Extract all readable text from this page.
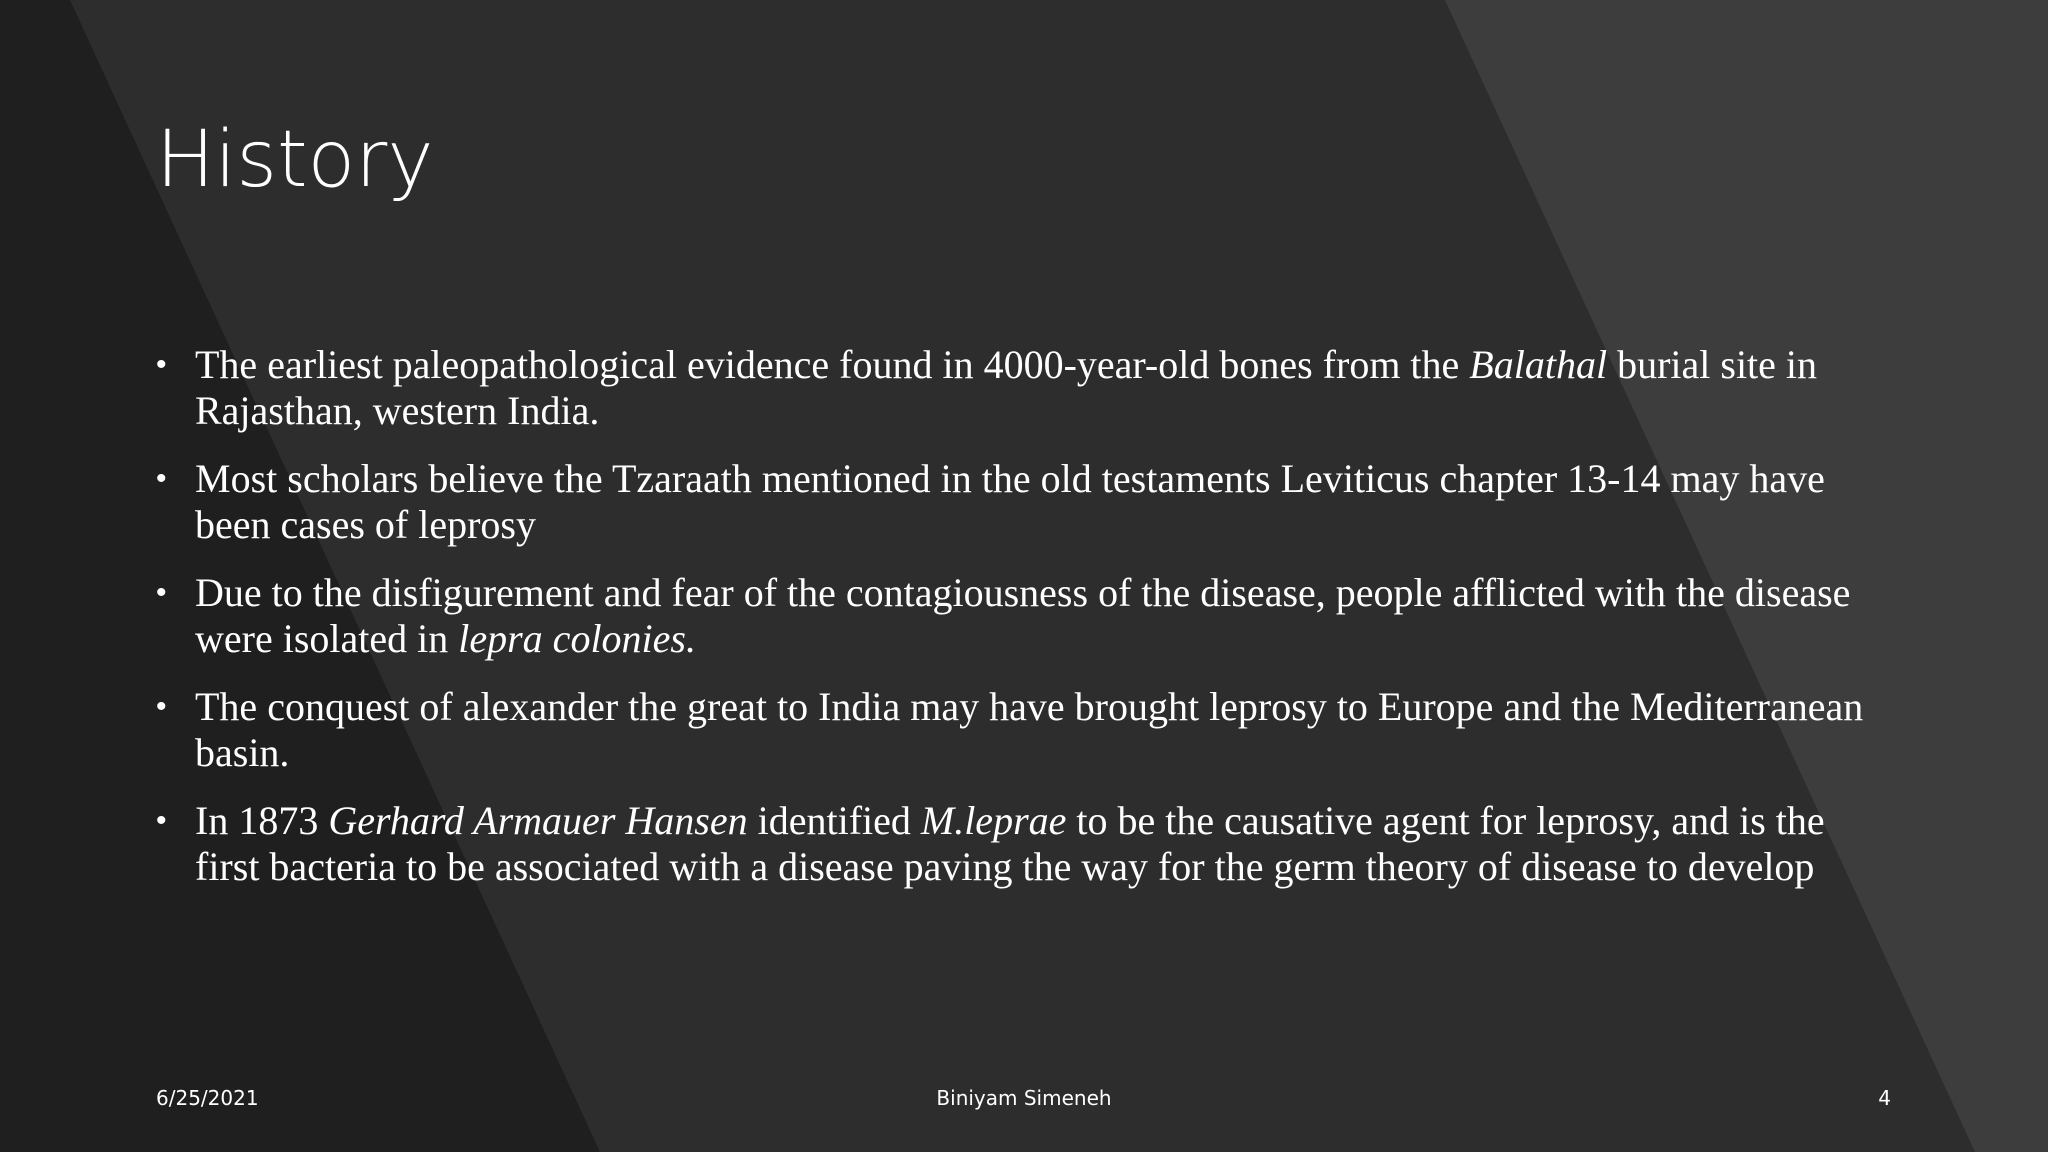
History
• The earliest paleopathological evidence found in 4000-year-old bones from the Balathal burial site in Rajasthan, western India.
• Most scholars believe the Tzaraath mentioned in the old testaments Leviticus chapter 13-14 may have been cases of leprosy
• Due to the disfigurement and fear of the contagiousness of the disease, people afflicted with the disease were isolated in lepra colonies.
• The conquest of alexander the great to India may have brought leprosy to Europe and the Mediterranean basin.
• In 1873 Gerhard Armauer Hansen identified M.leprae to be the causative agent for leprosy, and is the first bacteria to be associated with a disease paving the way for the germ theory of disease to develop
6/25/2021	Biniyam Simeneh	4
